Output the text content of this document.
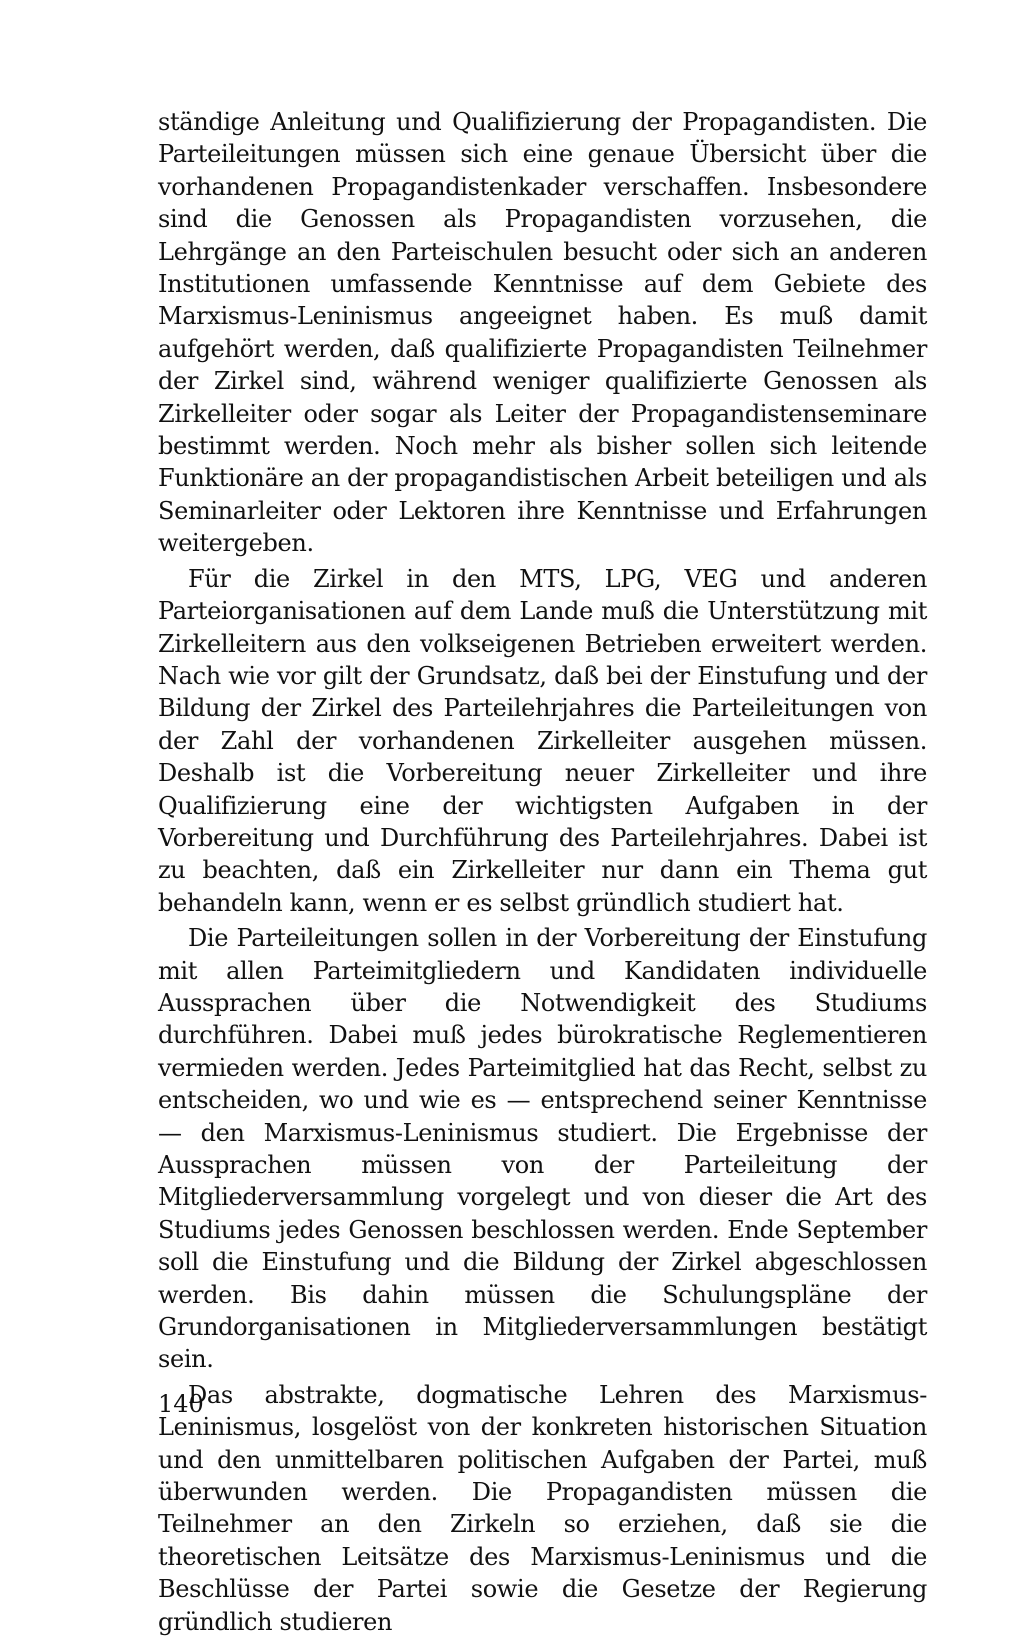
ständige Anleitung und Qualifizierung der Propagandisten. Die Parteileitungen müssen sich eine genaue Übersicht über die vorhandenen Propagandistenkader verschaffen. Insbesondere sind die Genossen als Propagandisten vorzusehen, die Lehrgänge an den Parteischulen besucht oder sich an anderen Institutionen umfassende Kenntnisse auf dem Gebiete des Marxismus-Leninismus angeeignet haben. Es muß damit aufgehört werden, daß qualifizierte Propagandisten Teilnehmer der Zirkel sind, während weniger qualifizierte Genossen als Zirkelleiter oder sogar als Leiter der Propagandistenseminare bestimmt werden. Noch mehr als bisher sollen sich leitende Funktionäre an der propagandistischen Arbeit beteiligen und als Seminarleiter oder Lektoren ihre Kenntnisse und Erfahrungen weitergeben.

Für die Zirkel in den MTS, LPG, VEG und anderen Parteiorganisationen auf dem Lande muß die Unterstützung mit Zirkelleitern aus den volkseigenen Betrieben erweitert werden. Nach wie vor gilt der Grundsatz, daß bei der Einstufung und der Bildung der Zirkel des Parteilehrjahres die Parteileitungen von der Zahl der vorhandenen Zirkelleiter ausgehen müssen. Deshalb ist die Vorbereitung neuer Zirkelleiter und ihre Qualifizierung eine der wichtigsten Aufgaben in der Vorbereitung und Durchführung des Parteilehrjahres. Dabei ist zu beachten, daß ein Zirkelleiter nur dann ein Thema gut behandeln kann, wenn er es selbst gründlich studiert hat.

Die Parteileitungen sollen in der Vorbereitung der Einstufung mit allen Parteimitgliedern und Kandidaten individuelle Aussprachen über die Notwendigkeit des Studiums durchführen. Dabei muß jedes bürokratische Reglementieren vermieden werden. Jedes Parteimitglied hat das Recht, selbst zu entscheiden, wo und wie es — entsprechend seiner Kenntnisse — den Marxismus-Leninismus studiert. Die Ergebnisse der Aussprachen müssen von der Parteileitung der Mitgliederversammlung vorgelegt und von dieser die Art des Studiums jedes Genossen beschlossen werden. Ende September soll die Einstufung und die Bildung der Zirkel abgeschlossen werden. Bis dahin müssen die Schulungspläne der Grundorganisationen in Mitgliederversammlungen bestätigt sein.

Das abstrakte, dogmatische Lehren des Marxismus-Leninismus, losgelöst von der konkreten historischen Situation und den unmittelbaren politischen Aufgaben der Partei, muß überwunden werden. Die Propagandisten müssen die Teilnehmer an den Zirkeln so erziehen, daß sie die theoretischen Leitsätze des Marxismus-Leninismus und die Beschlüsse der Partei sowie die Gesetze der Regierung gründlich studieren

140
